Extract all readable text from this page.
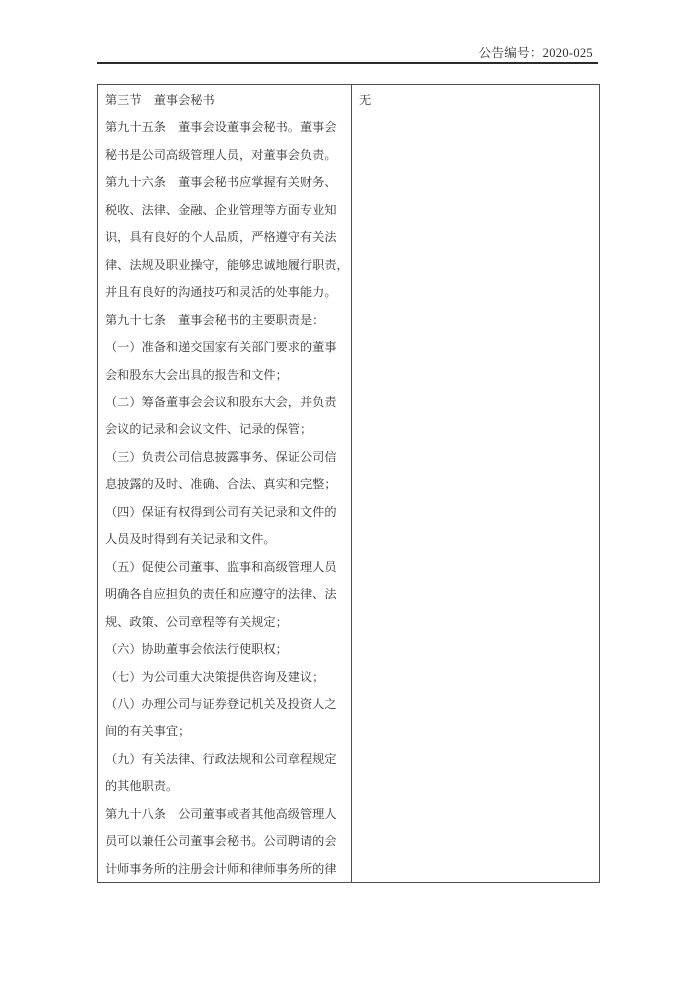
公告编号：2020-025
第三节　董事会秘书
第九十五条　董事会设董事会秘书。董事会
秘书是公司高级管理人员，对董事会负责。
第九十六条　董事会秘书应掌握有关财务、
税收、法律、金融、企业管理等方面专业知
识，具有良好的个人品质，严格遵守有关法
律、法规及职业操守，能够忠诚地履行职责，
并且有良好的沟通技巧和灵活的处事能力。
第九十七条　董事会秘书的主要职责是：
（一）准备和递交国家有关部门要求的董事
会和股东大会出具的报告和文件；
（二）筹备董事会会议和股东大会，并负责
会议的记录和会议文件、记录的保管；
（三）负责公司信息披露事务、保证公司信
息披露的及时、准确、合法、真实和完整；
（四）保证有权得到公司有关记录和文件的
人员及时得到有关记录和文件。
（五）促使公司董事、监事和高级管理人员
明确各自应担负的责任和应遵守的法律、法
规、政策、公司章程等有关规定；
（六）协助董事会依法行使职权；
（七）为公司重大决策提供咨询及建议；
（八）办理公司与证券登记机关及投资人之
间的有关事宜；
（九）有关法律、行政法规和公司章程规定
的其他职责。
第九十八条　公司董事或者其他高级管理人
员可以兼任公司董事会秘书。公司聘请的会
计师事务所的注册会计师和律师事务所的律
无
